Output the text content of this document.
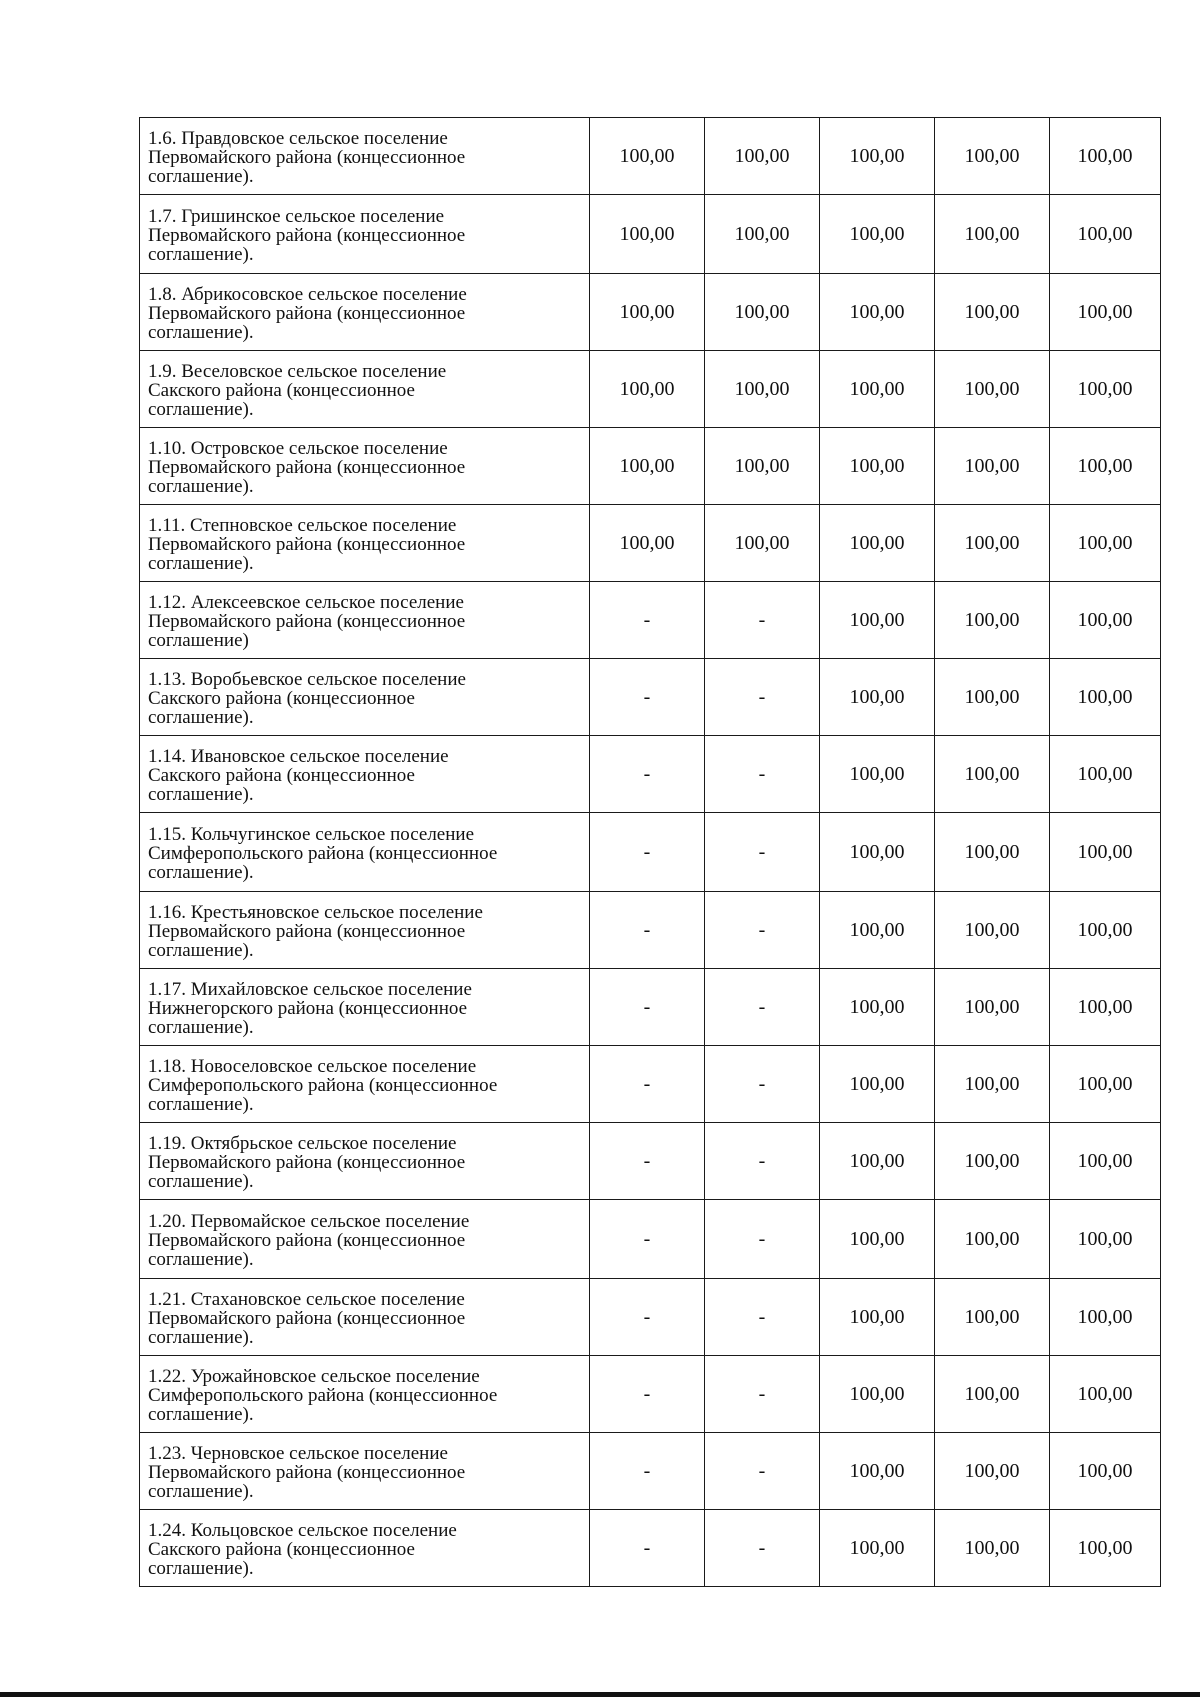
1.6. Правдовское сельское поселение
Первомайского района (концессионное
соглашение).	100,00	100,00	100,00	100,00	100,00

1.7. Гришинское сельское поселение
Первомайского района (концессионное
соглашение).	100,00	100,00	100,00	100,00	100,00

1.8. Абрикосовское сельское поселение
Первомайского района (концессионное
соглашение).	100,00	100,00	100,00	100,00	100,00

1.9. Веселовское сельское поселение
Сакского района (концессионное
соглашение).	100,00	100,00	100,00	100,00	100,00

1.10. Островское сельское поселение
Первомайского района (концессионное
соглашение).	100,00	100,00	100,00	100,00	100,00

1.11. Степновское сельское поселение
Первомайского района (концессионное
соглашение).	100,00	100,00	100,00	100,00	100,00

1.12. Алексеевское сельское поселение
Первомайского района (концессионное
соглашение)	-	-	100,00	100,00	100,00

1.13. Воробьевское сельское поселение
Сакского района (концессионное
соглашение).	-	-	100,00	100,00	100,00

1.14. Ивановское сельское поселение
Сакского района (концессионное
соглашение).	-	-	100,00	100,00	100,00

1.15. Кольчугинское сельское поселение
Симферопольского района (концессионное
соглашение).	-	-	100,00	100,00	100,00

1.16. Крестьяновское сельское поселение
Первомайского района (концессионное
соглашение).	-	-	100,00	100,00	100,00

1.17. Михайловское сельское поселение
Нижнегорского района (концессионное
соглашение).	-	-	100,00	100,00	100,00

1.18. Новоселовское сельское поселение
Симферопольского района (концессионное
соглашение).	-	-	100,00	100,00	100,00

1.19. Октябрьское сельское поселение
Первомайского района (концессионное
соглашение).	-	-	100,00	100,00	100,00

1.20. Первомайское сельское поселение
Первомайского района (концессионное
соглашение).	-	-	100,00	100,00	100,00

1.21. Стахановское сельское поселение
Первомайского района (концессионное
соглашение).	-	-	100,00	100,00	100,00

1.22. Урожайновское сельское поселение
Симферопольского района (концессионное
соглашение).	-	-	100,00	100,00	100,00

1.23. Черновское сельское поселение
Первомайского района (концессионное
соглашение).	-	-	100,00	100,00	100,00

1.24. Кольцовское сельское поселение
Сакского района (концессионное
соглашение).	-	-	100,00	100,00	100,00
